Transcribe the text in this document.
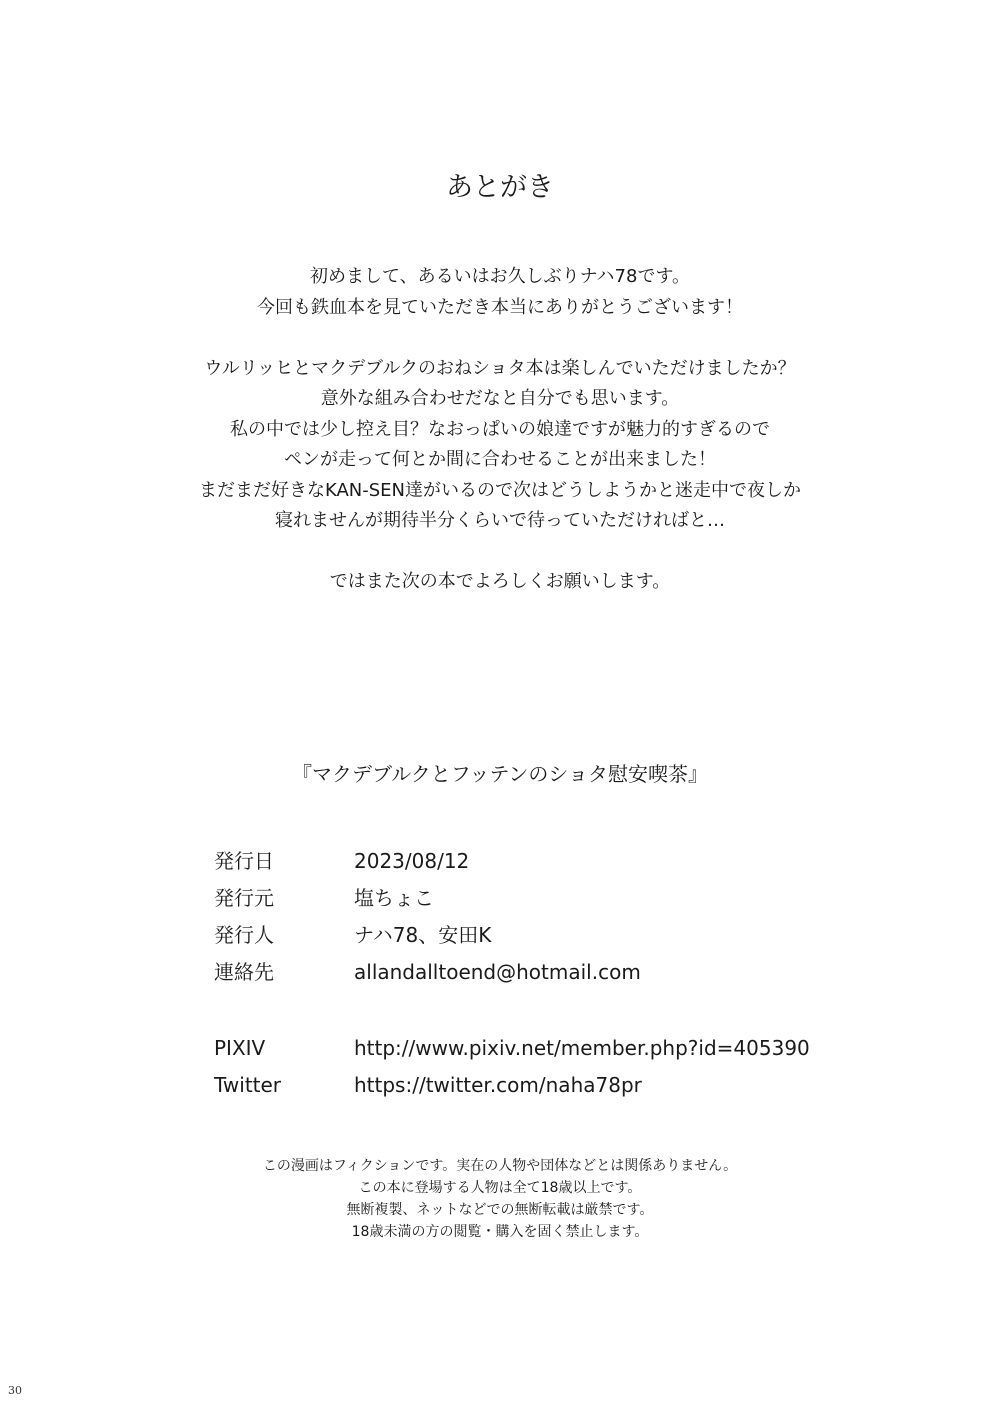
あとがき
初めまして、あるいはお久しぶりナハ78です。
今回も鉄血本を見ていただき本当にありがとうございます！
ウルリッヒとマクデブルクのおねショタ本は楽しんでいただけましたか？
意外な組み合わせだなと自分でも思います。
私の中では少し控え目？なおっぱいの娘達ですが魅力的すぎるので
ペンが走って何とか間に合わせることが出来ました！
まだまだ好きなKAN-SEN達がいるので次はどうしようかと迷走中で夜しか
寝れませんが期待半分くらいで待っていただければと…
ではまた次の本でよろしくお願いします。
『マクデブルクとフッテンのショタ慰安喫茶』
発行日	2023/08/12
発行元	塩ちょこ
発行人	ナハ78、安田K
連絡先	allandalltoend@hotmail.com
PIXIV	http://www.pixiv.net/member.php?id=405390
Twitter	https://twitter.com/naha78pr
この漫画はフィクションです。実在の人物や団体などとは関係ありません。
この本に登場する人物は全て18歳以上です。
無断複製、ネットなどでの無断転載は厳禁です。
18歳未満の方の閲覧・購入を固く禁止します。
30
